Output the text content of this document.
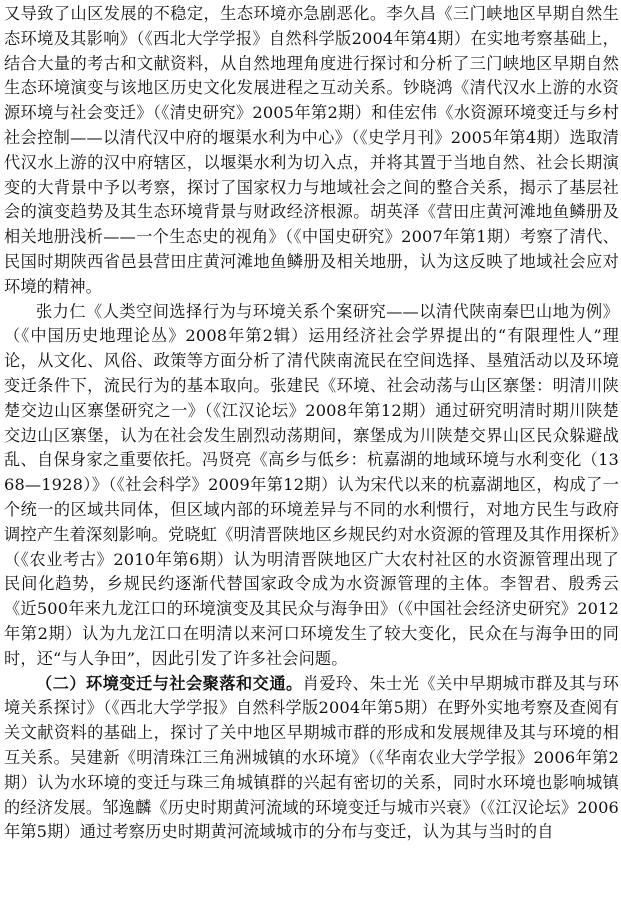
又导致了山区发展的不稳定，生态环境亦急剧恶化。李久昌《三门峡地区早期自然生态环境及其影响》（《西北大学学报》自然科学版2004年第4期）在实地考察基础上，结合大量的考古和文献资料，从自然地理角度进行探讨和分析了三门峡地区早期自然生态环境演变与该地区历史文化发展进程之互动关系。钞晓鸿《清代汉水上游的水资源环境与社会变迁》（《清史研究》2005年第2期）和佳宏伟《水资源环境变迁与乡村社会控制——以清代汉中府的堰渠水利为中心》（《史学月刊》2005年第4期）选取清代汉水上游的汉中府辖区，以堰渠水利为切入点，并将其置于当地自然、社会长期演变的大背景中予以考察，探讨了国家权力与地域社会之间的整合关系，揭示了基层社会的演变趋势及其生态环境背景与财政经济根源。胡英泽《营田庄黄河滩地鱼鳞册及相关地册浅析——一个生态史的视角》（《中国史研究》2007年第1期）考察了清代、民国时期陕西省邑县营田庄黄河滩地鱼鳞册及相关地册，认为这反映了地域社会应对环境的精神。

张力仁《人类空间选择行为与环境关系个案研究——以清代陕南秦巴山地为例》（《中国历史地理论丛》2008年第2辑）运用经济社会学界提出的“有限理性人”理论，从文化、风俗、政策等方面分析了清代陕南流民在空间选择、垦殖活动以及环境变迁条件下，流民行为的基本取向。张建民《环境、社会动荡与山区寨堡：明清川陕楚交边山区寨堡研究之一》（《江汉论坛》2008年第12期）通过研究明清时期川陕楚交边山区寨堡，认为在社会发生剧烈动荡期间，寨堡成为川陕楚交界山区民众躲避战乱、自保身家之重要依托。冯贤亮《高乡与低乡：杭嘉湖的地域环境与水利变化（1368—1928）》（《社会科学》2009年第12期）认为宋代以来的杭嘉湖地区，构成了一个统一的区域共同体，但区域内部的环境差异与不同的水利惯行，对地方民生与政府调控产生着深刻影响。党晓虹《明清晋陕地区乡规民约对水资源的管理及其作用探析》（《农业考古》2010年第6期）认为明清晋陕地区广大农村社区的水资源管理出现了民间化趋势，乡规民约逐渐代替国家政令成为水资源管理的主体。李智君、殷秀云《近500年来九龙江口的环境演变及其民众与海争田》（《中国社会经济史研究》2012年第2期）认为九龙江口在明清以来河口环境发生了较大变化，民众在与海争田的同时，还“与人争田”，因此引发了许多社会问题。

（二）环境变迁与社会聚落和交通。肖爱玲、朱士光《关中早期城市群及其与环境关系探讨》（《西北大学学报》自然科学版2004年第5期）在野外实地考察及查阅有关文献资料的基础上，探讨了关中地区早期城市群的形成和发展规律及其与环境的相互关系。吴建新《明清珠江三角洲城镇的水环境》（《华南农业大学学报》2006年第2期）认为水环境的变迁与珠三角城镇群的兴起有密切的关系，同时水环境也影响城镇的经济发展。邹逸麟《历史时期黄河流域的环境变迁与城市兴衰》（《江汉论坛》2006年第5期）通过考察历史时期黄河流域城市的分布与变迁，认为其与当时的自
